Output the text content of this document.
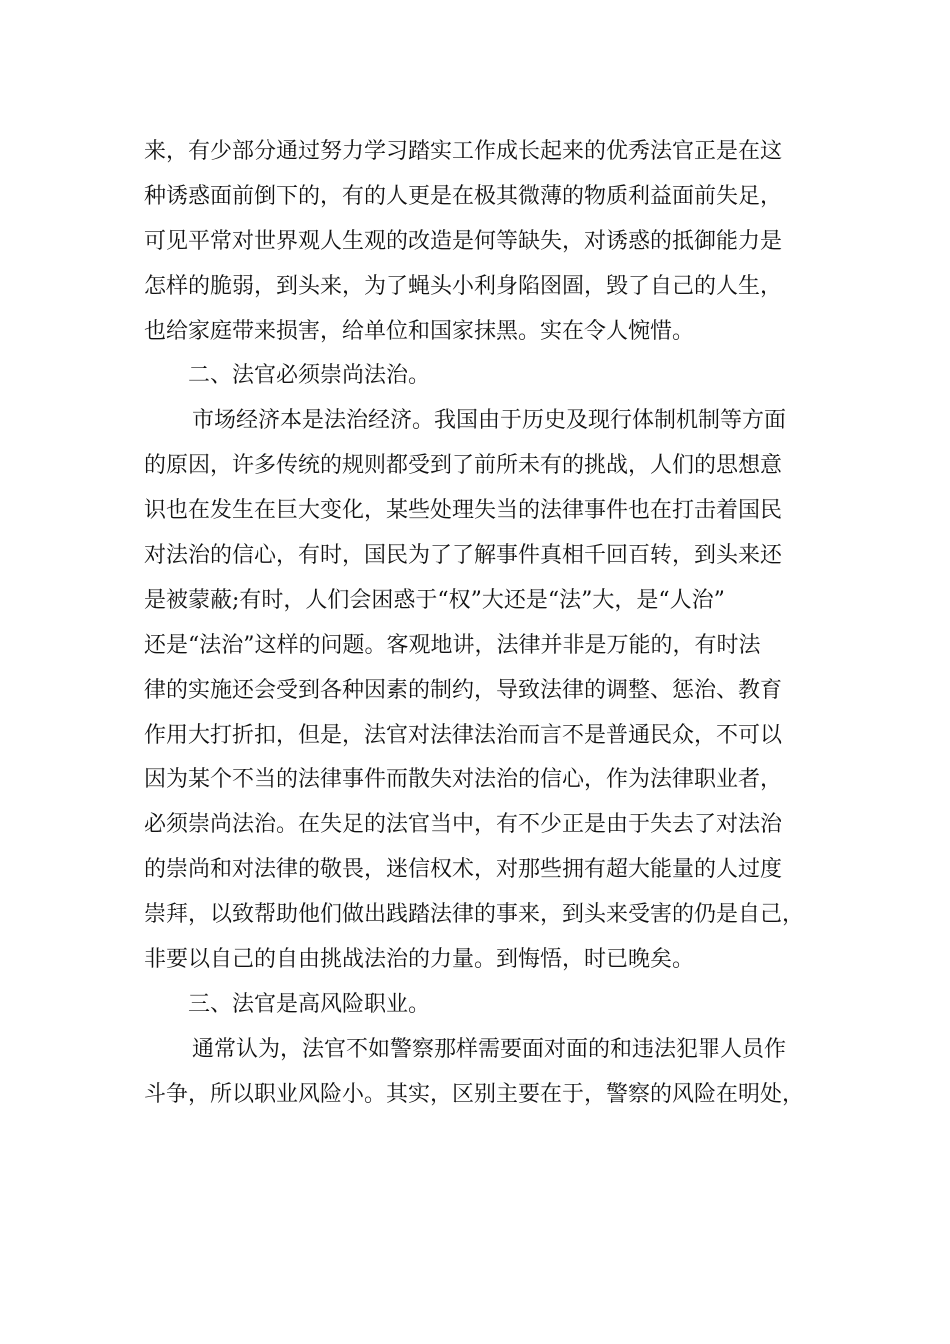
来，有少部分通过努力学习踏实工作成长起来的优秀法官正是在这
种诱惑面前倒下的，有的人更是在极其微薄的物质利益面前失足，
可见平常对世界观人生观的改造是何等缺失，对诱惑的抵御能力是
怎样的脆弱，到头来，为了蝇头小利身陷囹圄，毁了自己的人生，
也给家庭带来损害，给单位和国家抹黑。实在令人惋惜。
二、法官必须崇尚法治。
市场经济本是法治经济。我国由于历史及现行体制机制等方面
的原因，许多传统的规则都受到了前所未有的挑战，人们的思想意
识也在发生在巨大变化，某些处理失当的法律事件也在打击着国民
对法治的信心，有时，国民为了了解事件真相千回百转，到头来还
是被蒙蔽;有时，人们会困惑于“权”大还是“法”大，是“人治”
还是“法治”这样的问题。客观地讲，法律并非是万能的，有时法
律的实施还会受到各种因素的制约，导致法律的调整、惩治、教育
作用大打折扣，但是，法官对法律法治而言不是普通民众，不可以
因为某个不当的法律事件而散失对法治的信心，作为法律职业者，
必须崇尚法治。在失足的法官当中，有不少正是由于失去了对法治
的崇尚和对法律的敬畏，迷信权术，对那些拥有超大能量的人过度
崇拜，以致帮助他们做出践踏法律的事来，到头来受害的仍是自己，
非要以自己的自由挑战法治的力量。到悔悟，时已晚矣。
三、法官是高风险职业。
通常认为，法官不如警察那样需要面对面的和违法犯罪人员作
斗争，所以职业风险小。其实，区别主要在于，警察的风险在明处，
